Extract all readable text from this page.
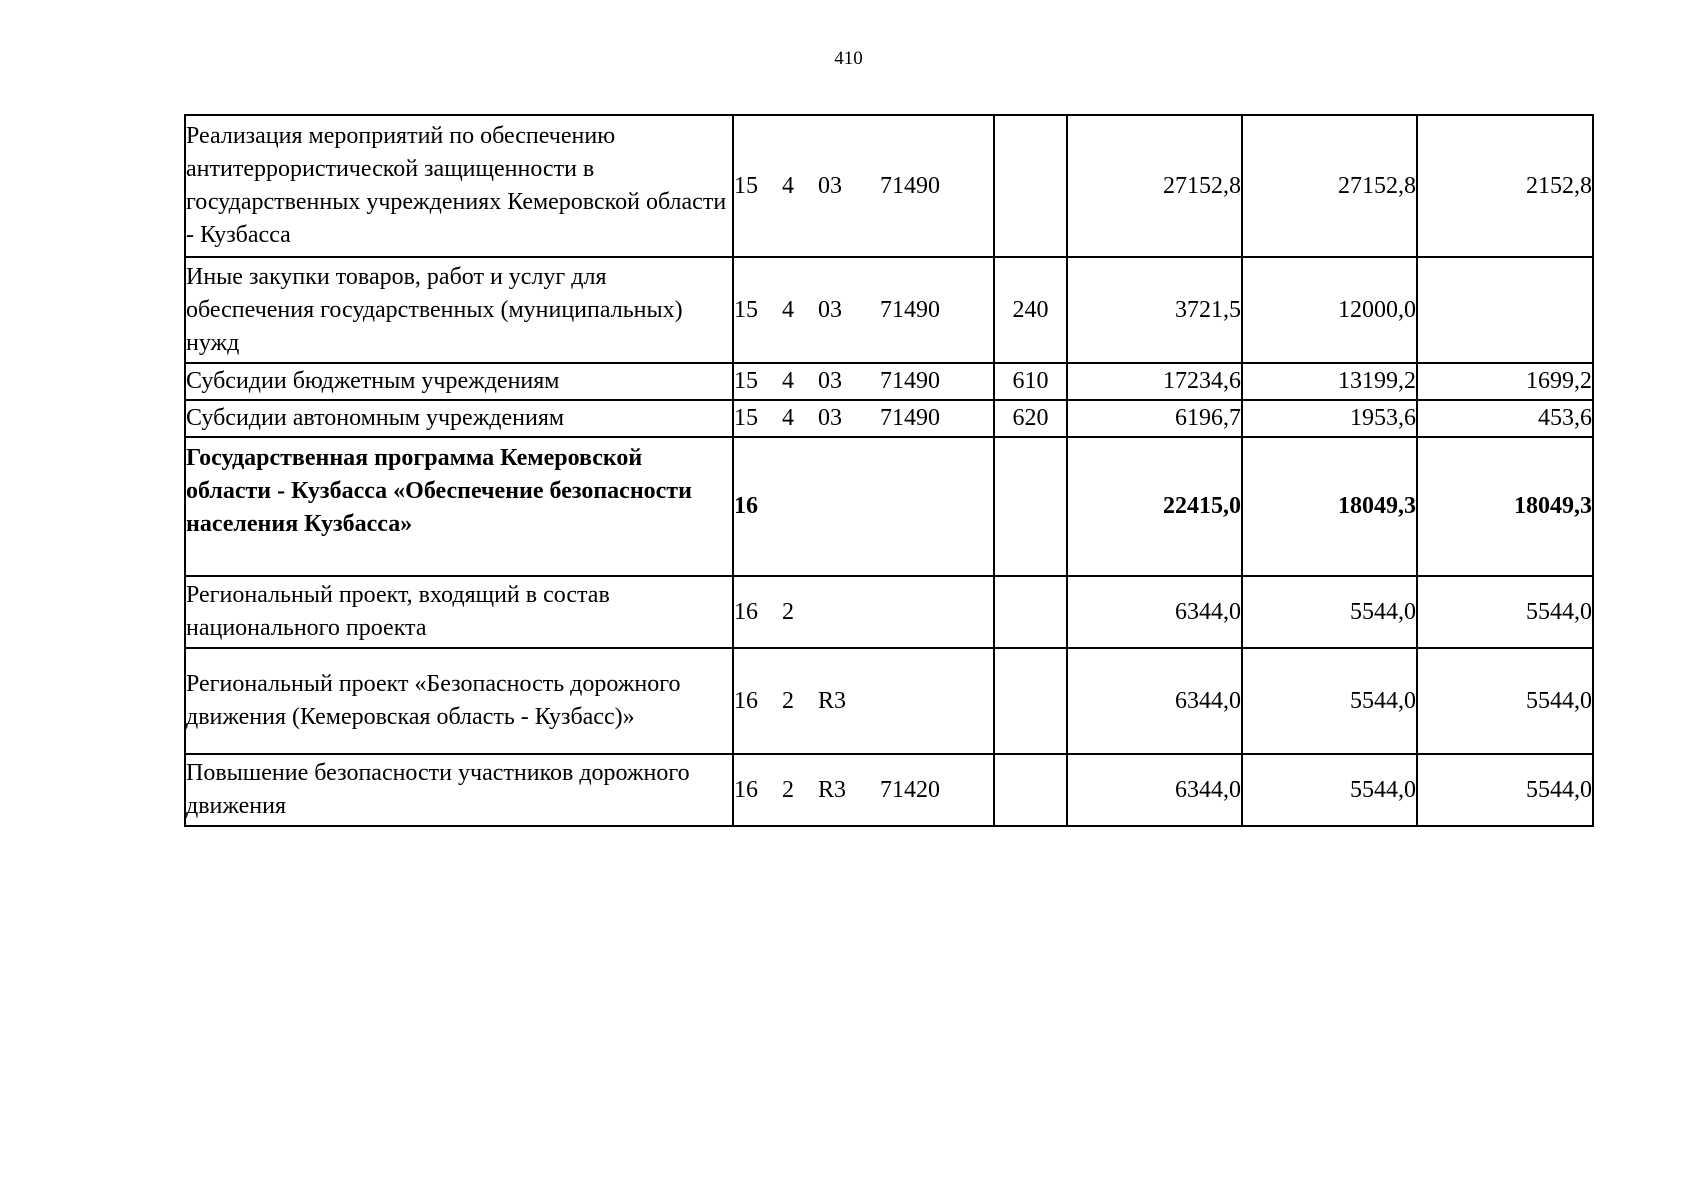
410
Реализация мероприятий по обеспечению антитеррористической защищенности в государственных учреждениях Кемеровской области - Кузбасса	15 4 03 71490		27152,8	27152,8	2152,8
Иные закупки товаров, работ и услуг для обеспечения государственных (муниципальных) нужд	15 4 03 71490	240	3721,5	12000,0	
Субсидии бюджетным учреждениям	15 4 03 71490	610	17234,6	13199,2	1699,2
Субсидии автономным учреждениям	15 4 03 71490	620	6196,7	1953,6	453,6
Государственная программа Кемеровской области - Кузбасса «Обеспечение безопасности населения Кузбасса»	16		22415,0	18049,3	18049,3
Региональный проект, входящий в состав национального проекта	16 2		6344,0	5544,0	5544,0
Региональный проект «Безопасность дорожного движения (Кемеровская область - Кузбасс)»	16 2 R3		6344,0	5544,0	5544,0
Повышение безопасности участников дорожного движения	16 2 R3 71420		6344,0	5544,0	5544,0
